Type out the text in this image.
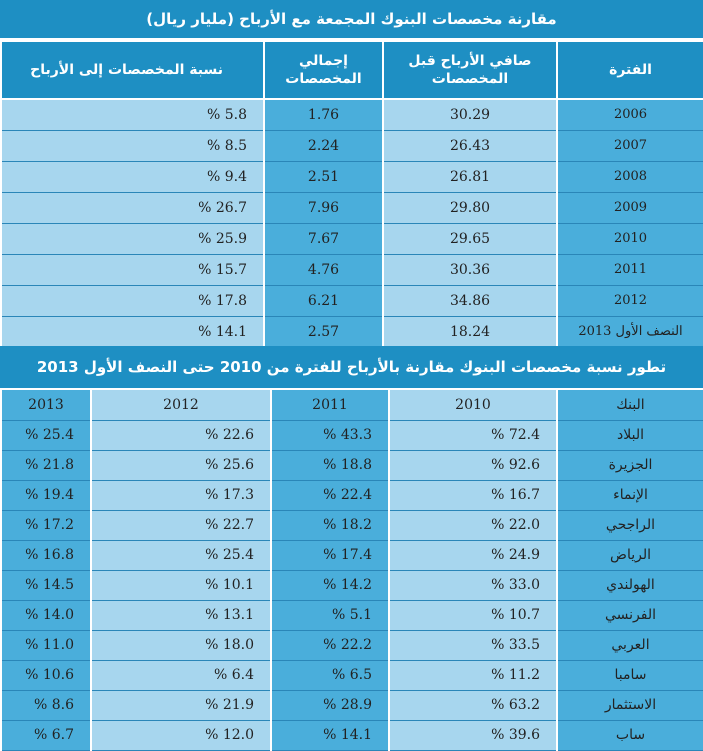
مقارنة مخصصات البنوك المجمعة مع الأرباح (مليار ريال)
نسبة المخصصات إلى الأرباح	إجمالي المخصصات	صافي الأرباح قبل المخصصات	الفترة
% 5.8	1.76	30.29	2006
% 8.5	2.24	26.43	2007
% 9.4	2.51	26.81	2008
% 26.7	7.96	29.80	2009
% 25.9	7.67	29.65	2010
% 15.7	4.76	30.36	2011
% 17.8	6.21	34.86	2012
% 14.1	2.57	18.24	النصف الأول 2013
تطور نسبة مخصصات البنوك مقارنة بالأرباح للفترة من 2010 حتى النصف الأول 2013
2013	2012	2011	2010	البنك
% 25.4	% 22.6	% 43.3	% 72.4	البلاد
% 21.8	% 25.6	% 18.8	% 92.6	الجزيرة
% 19.4	% 17.3	% 22.4	% 16.7	الإنماء
% 17.2	% 22.7	% 18.2	% 22.0	الراجحي
% 16.8	% 25.4	% 17.4	% 24.9	الرياض
% 14.5	% 10.1	% 14.2	% 33.0	الهولندي
% 14.0	% 13.1	% 5.1	% 10.7	الفرنسي
% 11.0	% 18.0	% 22.2	% 33.5	العربي
% 10.6	% 6.4	% 6.5	% 11.2	سامبا
% 8.6	% 21.9	% 28.9	% 63.2	الاستثمار
% 6.7	% 12.0	% 14.1	% 39.6	ساب
